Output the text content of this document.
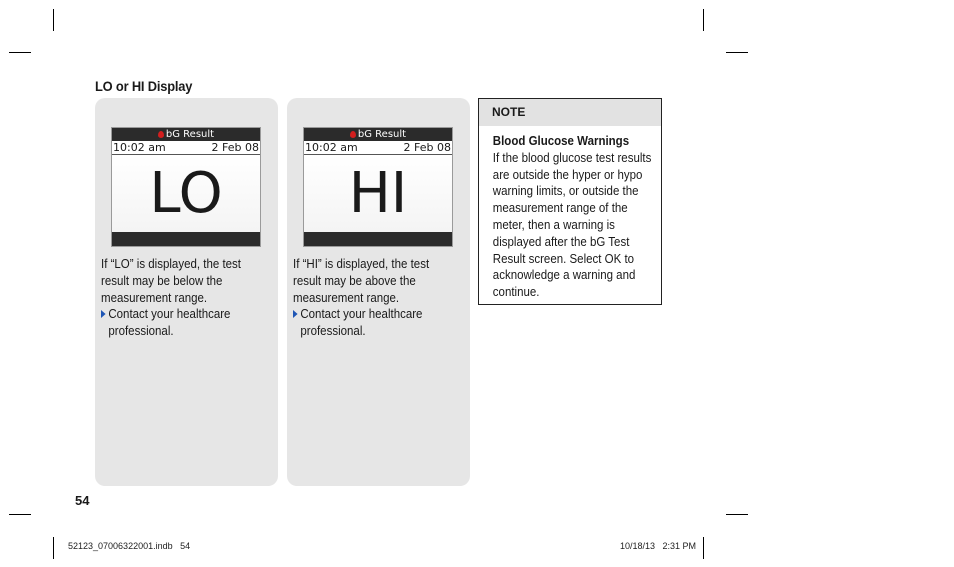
LO or HI Display
bG Result
10:02 am	2 Feb 08
LO
If “LO” is displayed, the test result may be below the measurement range.
Contact your healthcare professional.
bG Result
10:02 am	2 Feb 08
HI
If “HI” is displayed, the test result may be above the measurement range.
Contact your healthcare professional.
NOTE
Blood Glucose Warnings
If the blood glucose test results are outside the hyper or hypo warning limits, or outside the measurement range of the meter, then a warning is displayed after the bG Test Result screen. Select OK to acknowledge a warning and continue.
54
52123_07006322001.indb   54	10/18/13   2:31 PM
